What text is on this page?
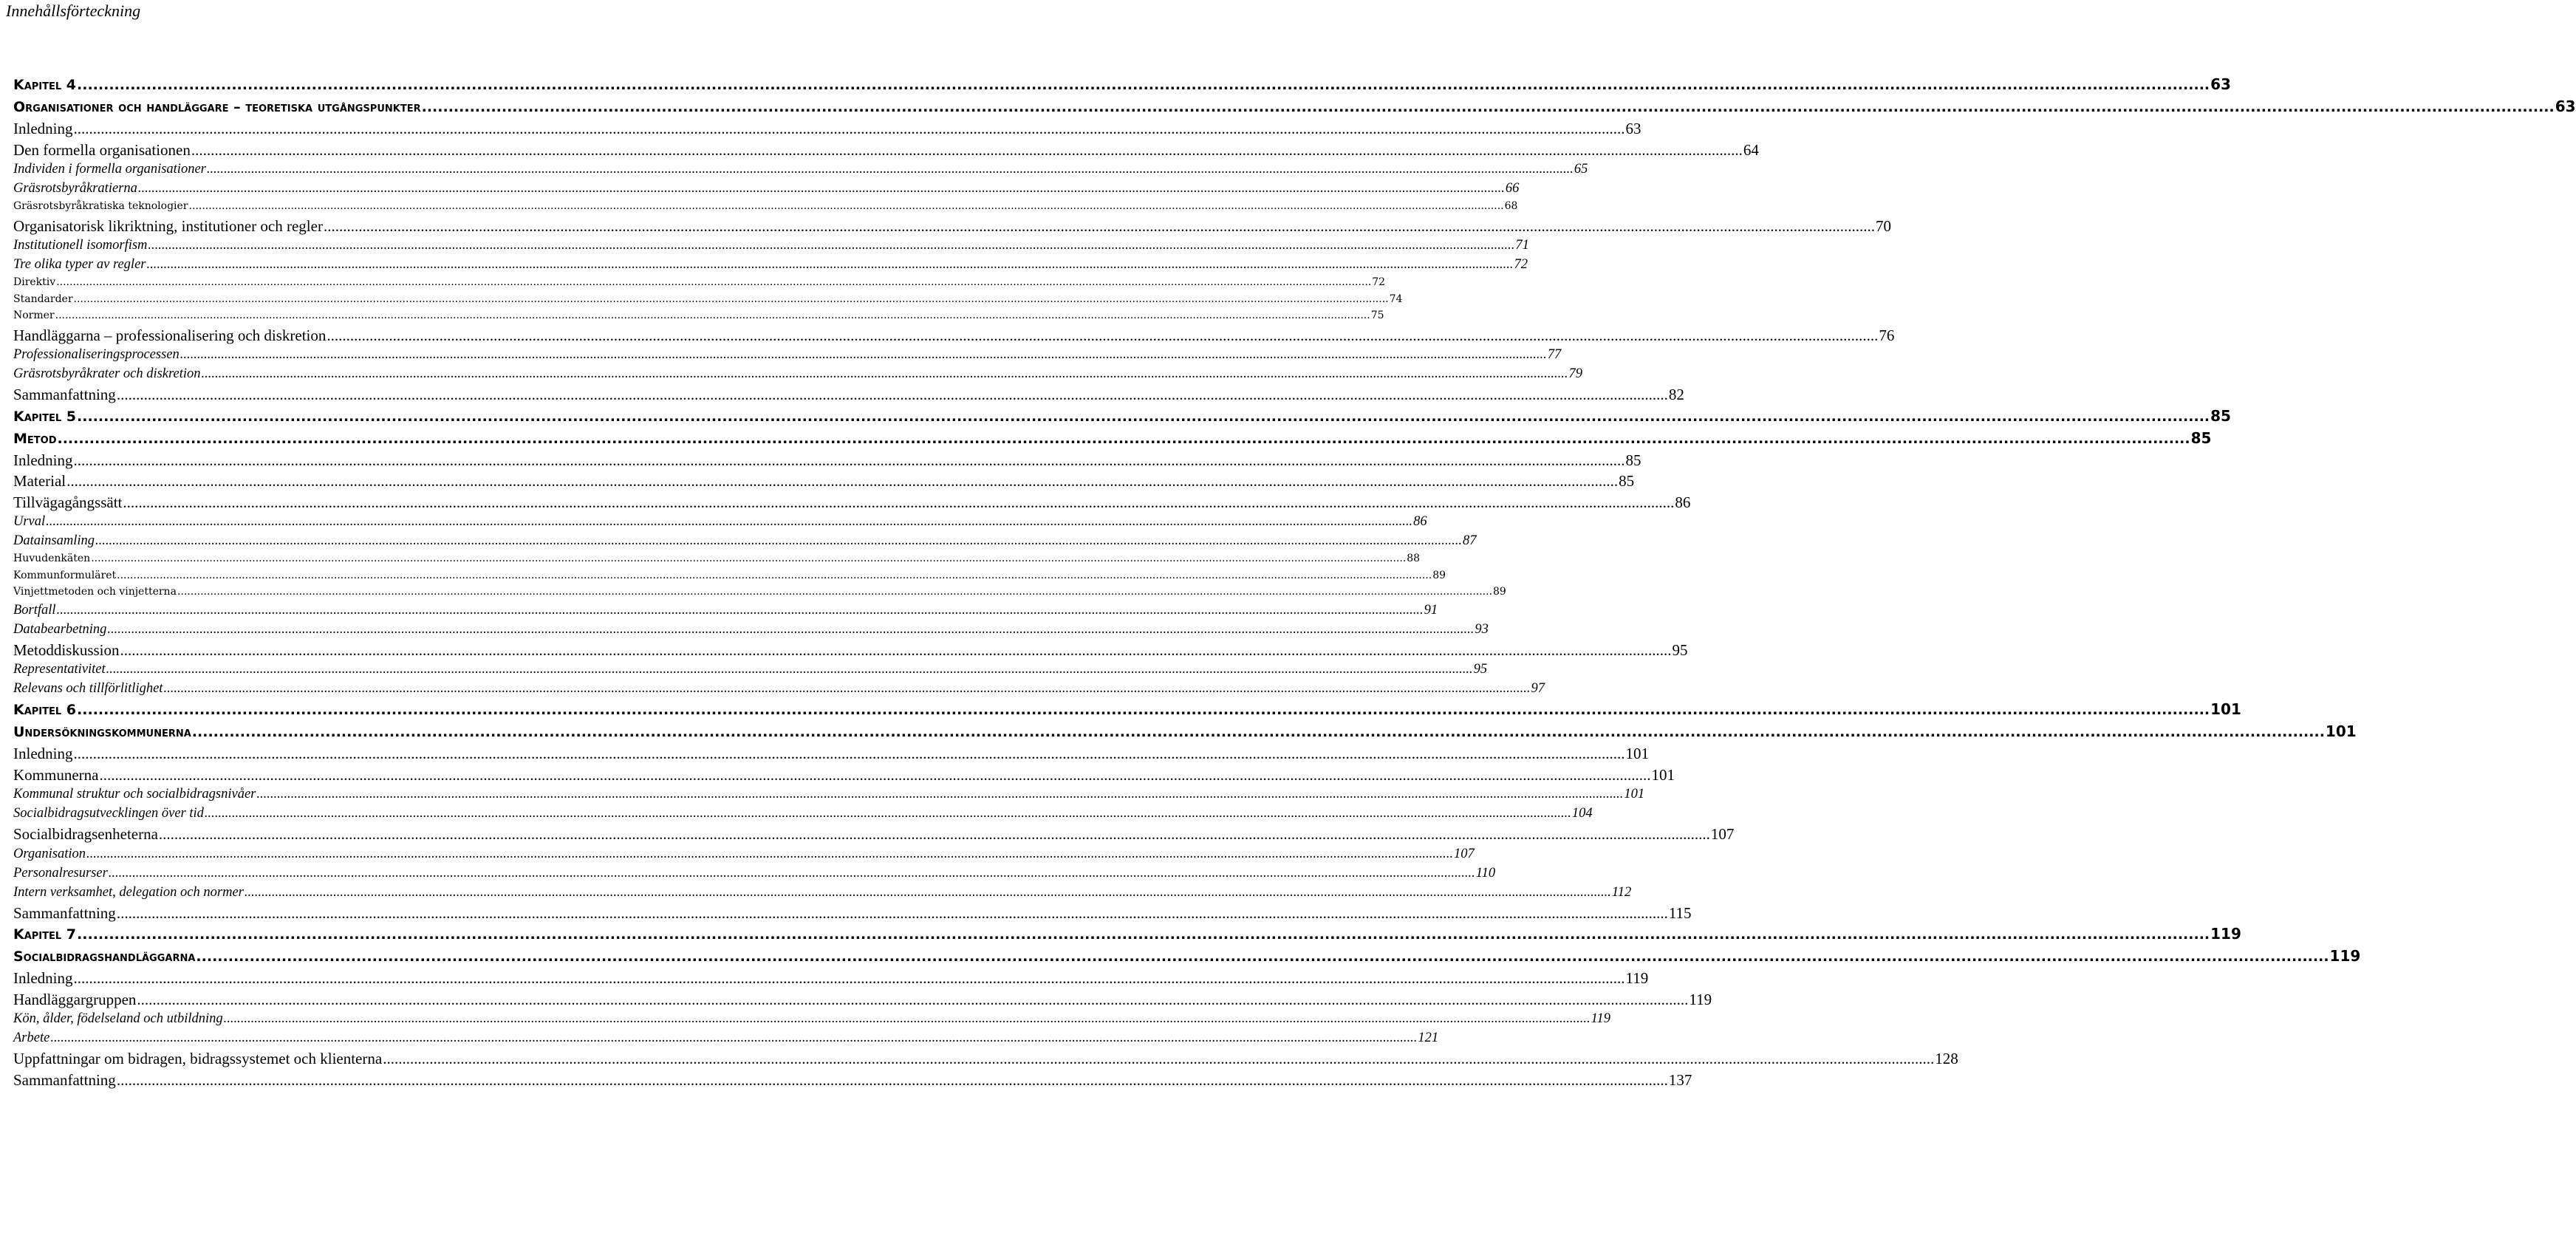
Innehållsförteckning
Kapitel 4 ................................................................................................................................................................................................................................................................................................................................................................................................................ 63
Organisationer och handläggare – teoretiska utgångspunkter ................................................................................................................................................................................................................................................................................................................................................................................................................ 63
Inledning ................................................................................................................................................................................................................................................................................................................................................................................................................ 63
Den formella organisationen ................................................................................................................................................................................................................................................................................................................................................................................................................ 64
Individen i formella organisationer ................................................................................................................................................................................................................................................................................................................................................................................................................ 65
Gräsrotsbyråkratierna ................................................................................................................................................................................................................................................................................................................................................................................................................ 66
Gräsrotsbyråkratiska teknologier ................................................................................................................................................................................................................................................................................................................................................................................................................ 68
Organisatorisk likriktning, institutioner och regler ................................................................................................................................................................................................................................................................................................................................................................................................................ 70
Institutionell isomorfism ................................................................................................................................................................................................................................................................................................................................................................................................................ 71
Tre olika typer av regler ................................................................................................................................................................................................................................................................................................................................................................................................................ 72
Direktiv ................................................................................................................................................................................................................................................................................................................................................................................................................ 72
Standarder ................................................................................................................................................................................................................................................................................................................................................................................................................ 74
Normer ................................................................................................................................................................................................................................................................................................................................................................................................................ 75
Handläggarna – professionalisering och diskretion ................................................................................................................................................................................................................................................................................................................................................................................................................ 76
Professionaliseringsprocessen ................................................................................................................................................................................................................................................................................................................................................................................................................ 77
Gräsrotsbyråkrater och diskretion ................................................................................................................................................................................................................................................................................................................................................................................................................ 79
Sammanfattning ................................................................................................................................................................................................................................................................................................................................................................................................................ 82
Kapitel 5 ................................................................................................................................................................................................................................................................................................................................................................................................................ 85
Metod ................................................................................................................................................................................................................................................................................................................................................................................................................ 85
Inledning ................................................................................................................................................................................................................................................................................................................................................................................................................ 85
Material ................................................................................................................................................................................................................................................................................................................................................................................................................ 85
Tillvägagångssätt ................................................................................................................................................................................................................................................................................................................................................................................................................ 86
Urval ................................................................................................................................................................................................................................................................................................................................................................................................................ 86
Datainsamling ................................................................................................................................................................................................................................................................................................................................................................................................................ 87
Huvudenkäten ................................................................................................................................................................................................................................................................................................................................................................................................................ 88
Kommunformuläret ................................................................................................................................................................................................................................................................................................................................................................................................................ 89
Vinjettmetoden och vinjetterna ................................................................................................................................................................................................................................................................................................................................................................................................................ 89
Bortfall ................................................................................................................................................................................................................................................................................................................................................................................................................ 91
Databearbetning ................................................................................................................................................................................................................................................................................................................................................................................................................ 93
Metoddiskussion ................................................................................................................................................................................................................................................................................................................................................................................................................ 95
Representativitet ................................................................................................................................................................................................................................................................................................................................................................................................................ 95
Relevans och tillförlitlighet ................................................................................................................................................................................................................................................................................................................................................................................................................ 97
Kapitel 6 ................................................................................................................................................................................................................................................................................................................................................................................................................ 101
Undersökningskommunerna ................................................................................................................................................................................................................................................................................................................................................................................................................ 101
Inledning ................................................................................................................................................................................................................................................................................................................................................................................................................ 101
Kommunerna ................................................................................................................................................................................................................................................................................................................................................................................................................ 101
Kommunal struktur och socialbidragsnivåer ................................................................................................................................................................................................................................................................................................................................................................................................................ 101
Socialbidragsutvecklingen över tid ................................................................................................................................................................................................................................................................................................................................................................................................................ 104
Socialbidragsenheterna ................................................................................................................................................................................................................................................................................................................................................................................................................ 107
Organisation ................................................................................................................................................................................................................................................................................................................................................................................................................ 107
Personalresurser ................................................................................................................................................................................................................................................................................................................................................................................................................ 110
Intern verksamhet, delegation och normer ................................................................................................................................................................................................................................................................................................................................................................................................................ 112
Sammanfattning ................................................................................................................................................................................................................................................................................................................................................................................................................ 115
Kapitel 7 ................................................................................................................................................................................................................................................................................................................................................................................................................ 119
Socialbidragshandläggarna ................................................................................................................................................................................................................................................................................................................................................................................................................ 119
Inledning ................................................................................................................................................................................................................................................................................................................................................................................................................ 119
Handläggargruppen ................................................................................................................................................................................................................................................................................................................................................................................................................ 119
Kön, ålder, födelseland och utbildning ................................................................................................................................................................................................................................................................................................................................................................................................................ 119
Arbete ................................................................................................................................................................................................................................................................................................................................................................................................................ 121
Uppfattningar om bidragen, bidragssystemet och klienterna ................................................................................................................................................................................................................................................................................................................................................................................................................ 128
Sammanfattning ................................................................................................................................................................................................................................................................................................................................................................................................................ 137
